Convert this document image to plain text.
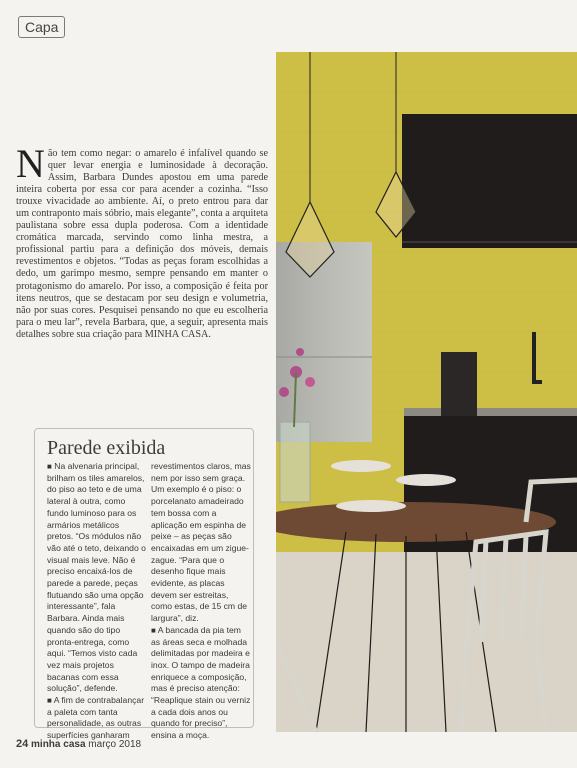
Capa
Não tem como negar: o amarelo é infalível quando se quer levar energia e luminosidade à decoração. Assim, Barbara Dundes apostou em uma parede inteira coberta por essa cor para acender a cozinha. “Isso trouxe vivacidade ao ambiente. Aí, o preto entrou para dar um contraponto mais sóbrio, mais elegante”, conta a arquiteta paulistana sobre essa dupla poderosa. Com a identidade cromática marcada, servindo como linha mestra, a profissional partiu para a definição dos móveis, demais revestimentos e objetos. “Todas as peças foram escolhidas a dedo, um garimpo mesmo, sempre pensando em manter o protagonismo do amarelo. Por isso, a composição é feita por itens neutros, que se destacam por seu design e volumetria, não por suas cores. Pesquisei pensando no que eu escolheria para o meu lar”, revela Barbara, que, a seguir, apresenta mais detalhes sobre sua criação para MINHA CASA.
Parede exibida

■ Na alvenaria principal, brilham os tiles amarelos, do piso ao teto e de uma lateral à outra, como fundo luminoso para os armários metálicos pretos. “Os módulos não vão até o teto, deixando o visual mais leve. Não é preciso encaixá-los de parede a parede, peças flutuando são uma opção interessante”, fala Barbara. Ainda mais quando são do tipo pronta-entrega, como aqui. “Temos visto cada vez mais projetos bacanas com essa solução”, defende.

■ A fim de contrabalançar a paleta com tanta personalidade, as outras superfícies ganharam

revestimentos claros, mas nem por isso sem graça. Um exemplo é o piso: o porcelanato amadeirado tem bossa com a aplicação em espinha de peixe – as peças são encaixadas em um zigue-zague. “Para que o desenho fique mais evidente, as placas devem ser estreitas, como estas, de 15 cm de largura”, diz.

■ A bancada da pia tem as áreas seca e molhada delimitadas por madeira e inox. O tampo de madeira enriquece a composição, mas é preciso atenção: “Reaplique stain ou verniz a cada dois anos ou quando for preciso”, ensina a moça.

24 minha casa março 2018
